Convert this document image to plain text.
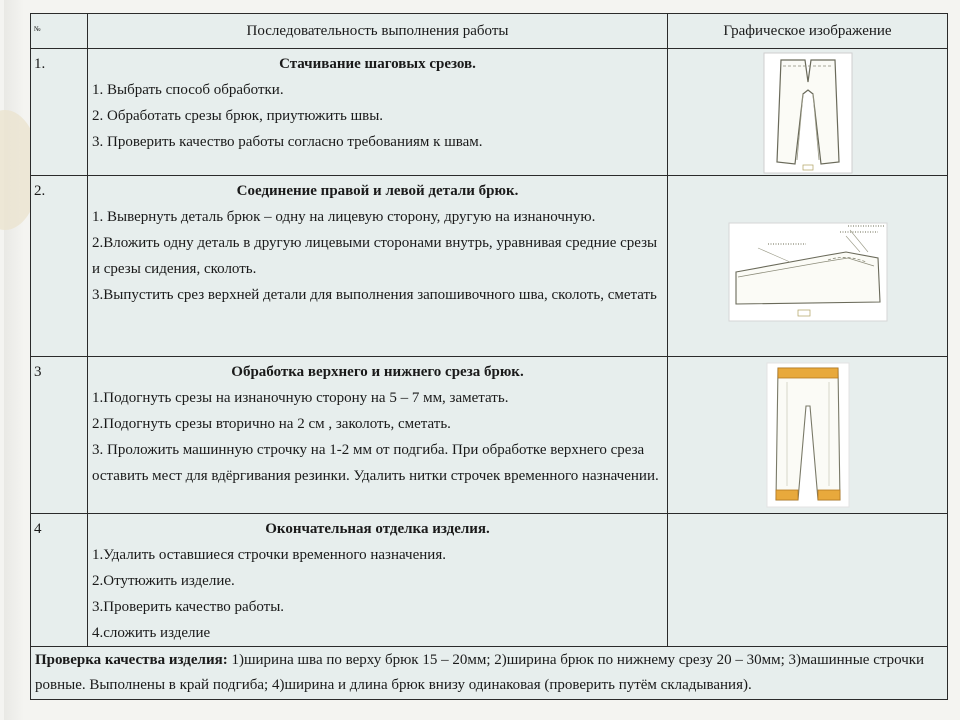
№	Последовательность выполнения работы	Графическое изображение
1.	Стачивание шаговых срезов.
1. Выбрать способ обработки.
2. Обработать срезы брюк, приутюжить швы.
3. Проверить качество работы согласно требованиям к швам.

2.	Соединение правой и левой детали брюк.
1. Вывернуть деталь брюк – одну на лицевую сторону, другую на изнаночную.
2.Вложить одну деталь в другую лицевыми сторонами внутрь, уравнивая средние срезы и срезы сидения, сколоть.
3.Выпустить срез верхней детали для выполнения запошивочного шва, сколоть, сметать

3	Обработка верхнего и нижнего среза брюк.
1.Подогнуть срезы на изнаночную сторону на 5 – 7 мм, заметать.
2.Подогнуть срезы вторично на 2 см , заколоть, сметать.
3. Проложить машинную строчку на 1-2 мм от подгиба. При обработке верхнего среза оставить мест для вдёргивания резинки. Удалить нитки строчек временного назначении.

4	Окончательная отделка изделия.
1.Удалить оставшиеся строчки временного назначения.
2.Отутюжить изделие.
3.Проверить качество работы.
4.сложить изделие	

Проверка качества изделия: 1)ширина шва по верху брюк 15 – 20мм; 2)ширина брюк по нижнему срезу 20 – 30мм; 3)машинные строчки ровные. Выполнены в край подгиба; 4)ширина и длина брюк внизу одинаковая (проверить путём складывания).		
